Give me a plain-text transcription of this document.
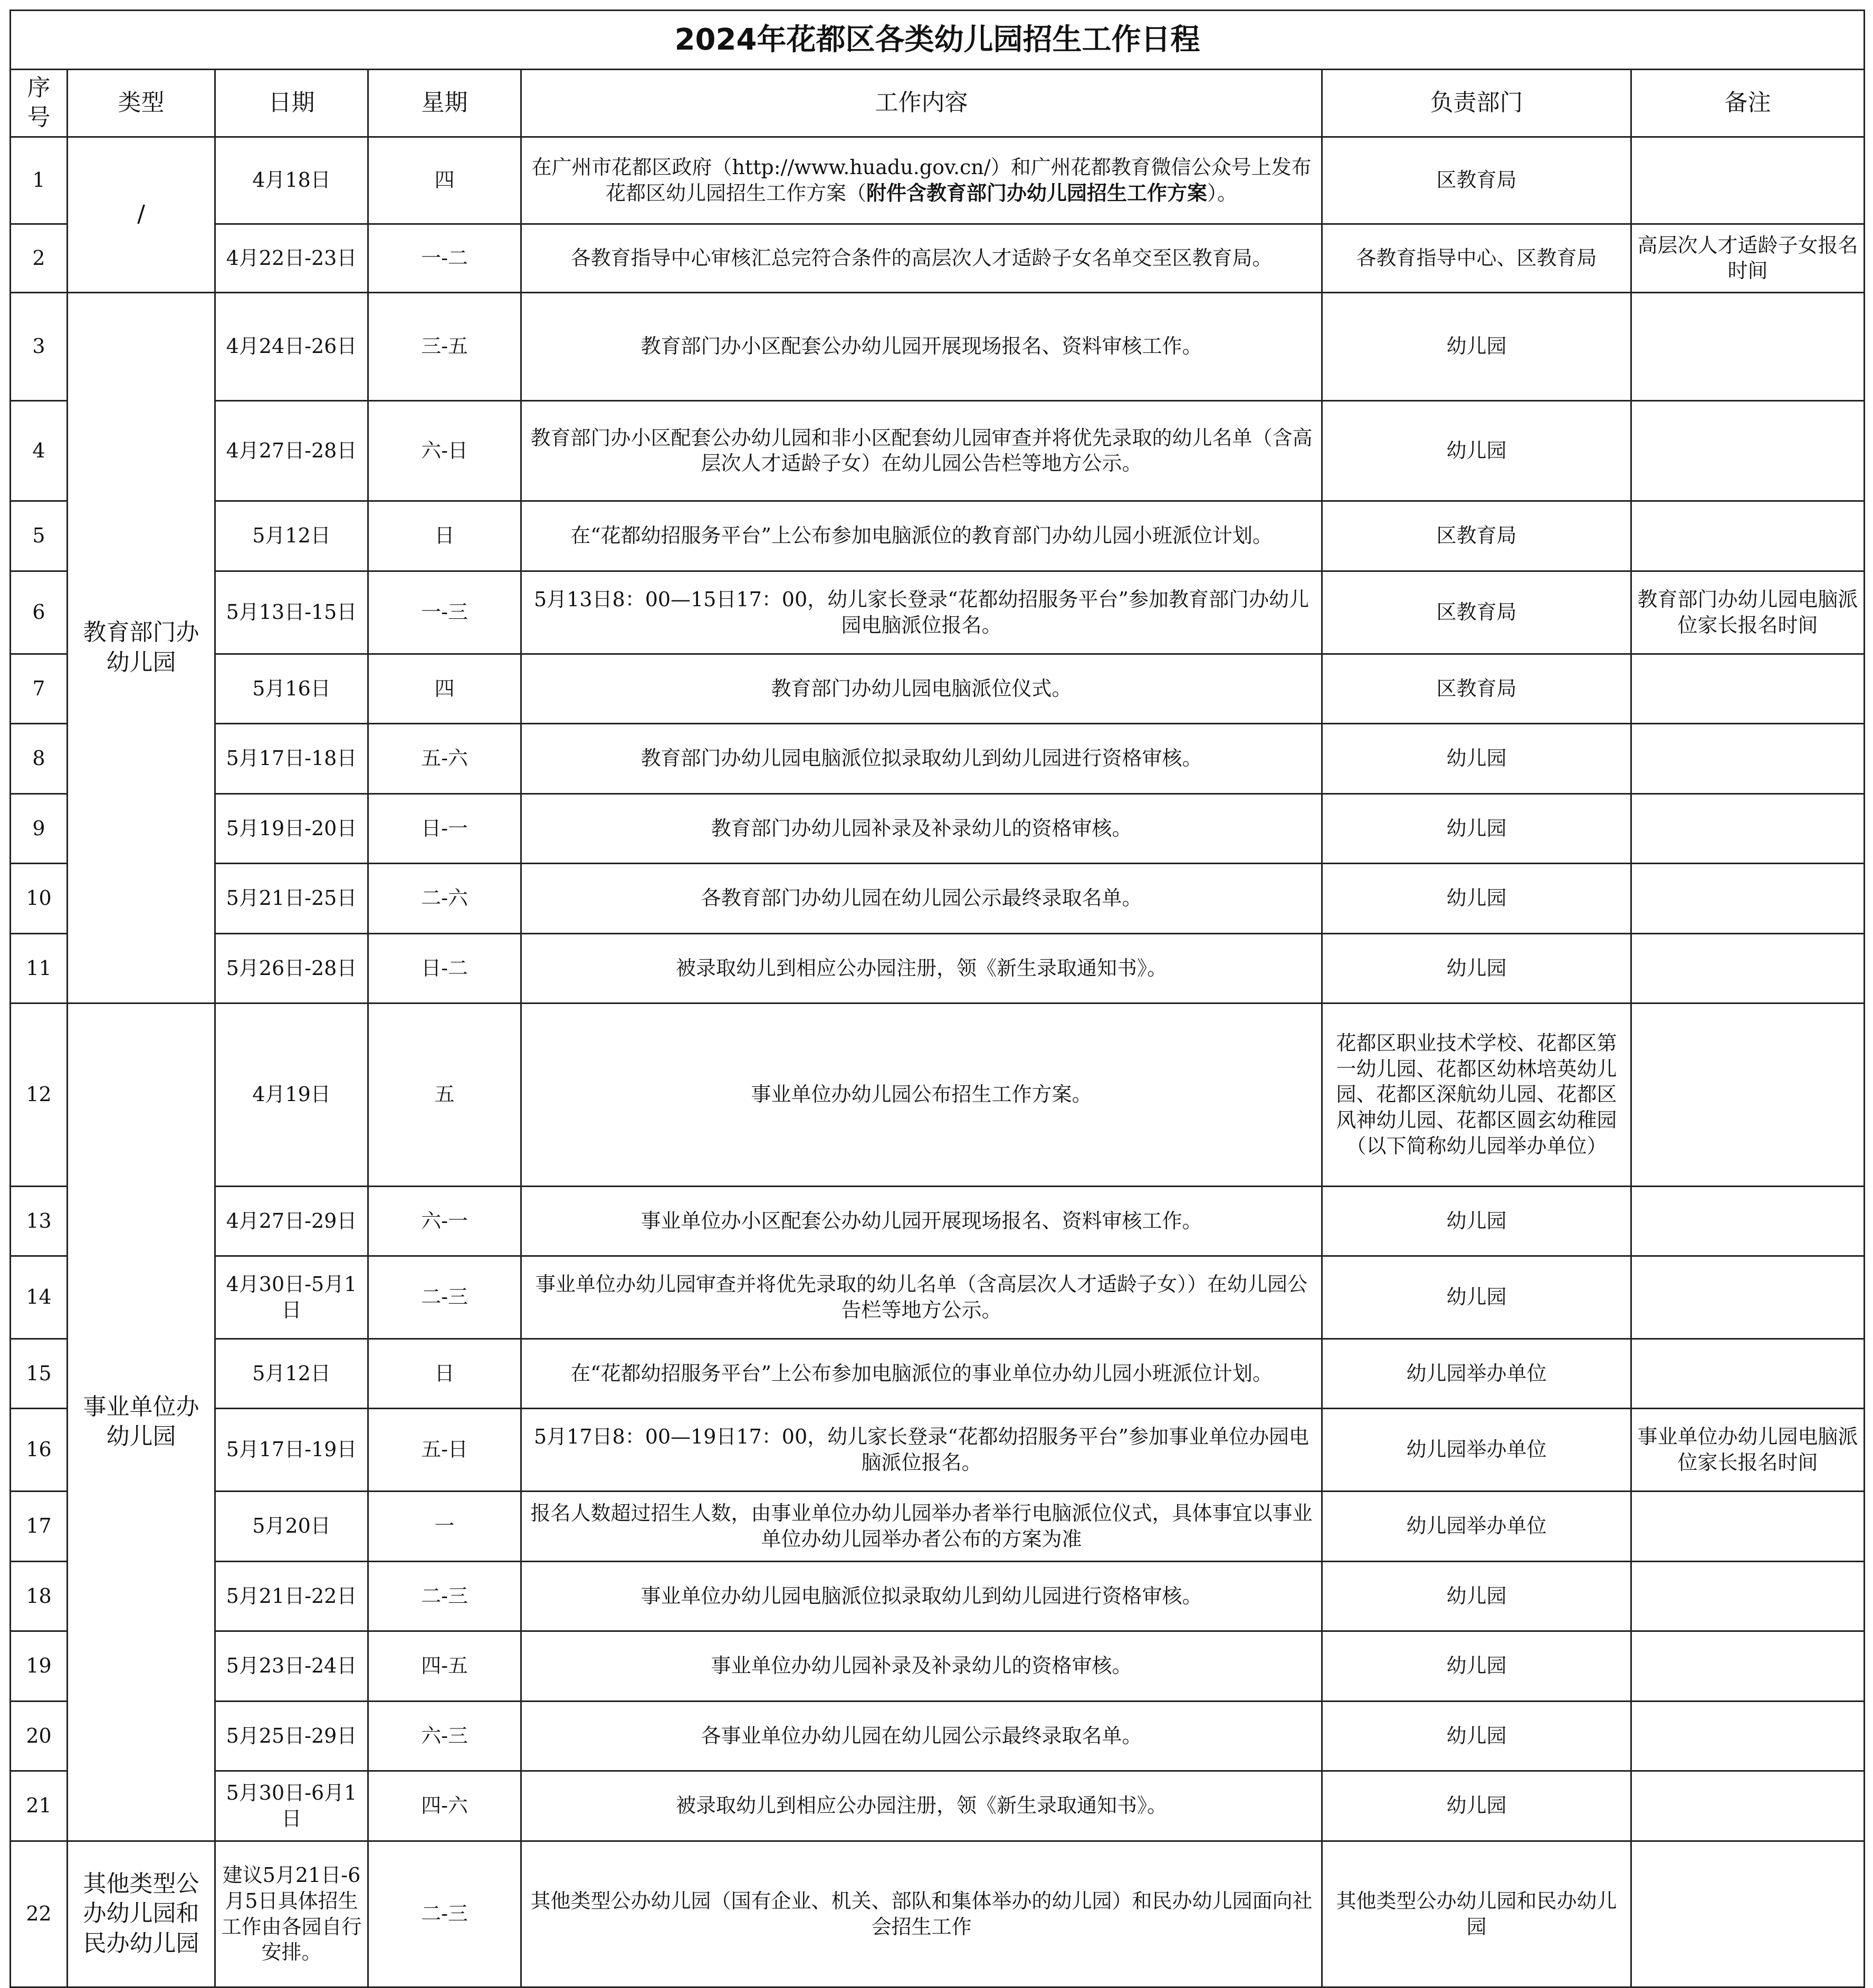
2024年花都区各类幼儿园招生工作日程						
序号	类型	日期	星期	工作内容	负责部门	备注
1	/	4月18日	四	在广州市花都区政府（http://www.huadu.gov.cn/）和广州花都教育微信公众号上发布花都区幼儿园招生工作方案（附件含教育部门办幼儿园招生工作方案）。	区教育局	
2		4月22日-23日	一-二	各教育指导中心审核汇总完符合条件的高层次人才适龄子女名单交至区教育局。	各教育指导中心、区教育局	高层次人才适龄子女报名时间
3	教育部门办幼儿园	4月24日-26日	三-五	教育部门办小区配套公办幼儿园开展现场报名、资料审核工作。	幼儿园	
4		4月27日-28日	六-日	教育部门办小区配套公办幼儿园和非小区配套幼儿园审查并将优先录取的幼儿名单（含高层次人才适龄子女）在幼儿园公告栏等地方公示。	幼儿园	
5		5月12日	日	在“花都幼招服务平台”上公布参加电脑派位的教育部门办幼儿园小班派位计划。	区教育局	
6		5月13日-15日	一-三	5月13日8：00—15日17：00，幼儿家长登录“花都幼招服务平台”参加教育部门办幼儿园电脑派位报名。	区教育局	教育部门办幼儿园电脑派位家长报名时间
7		5月16日	四	教育部门办幼儿园电脑派位仪式。	区教育局	
8		5月17日-18日	五-六	教育部门办幼儿园电脑派位拟录取幼儿到幼儿园进行资格审核。	幼儿园	
9		5月19日-20日	日-一	教育部门办幼儿园补录及补录幼儿的资格审核。	幼儿园	
10		5月21日-25日	二-六	各教育部门办幼儿园在幼儿园公示最终录取名单。	幼儿园	
11		5月26日-28日	日-二	被录取幼儿到相应公办园注册，领《新生录取通知书》。	幼儿园	
12	事业单位办幼儿园	4月19日	五	事业单位办幼儿园公布招生工作方案。	花都区职业技术学校、花都区第一幼儿园、花都区幼林培英幼儿园、花都区深航幼儿园、花都区风神幼儿园、花都区圆玄幼稚园（以下简称幼儿园举办单位）	
13		4月27日-29日	六-一	事业单位办小区配套公办幼儿园开展现场报名、资料审核工作。	幼儿园	
14		4月30日-5月1日	二-三	事业单位办幼儿园审查并将优先录取的幼儿名单（含高层次人才适龄子女））在幼儿园公告栏等地方公示。	幼儿园	
15		5月12日	日	在“花都幼招服务平台”上公布参加电脑派位的事业单位办幼儿园小班派位计划。	幼儿园举办单位	
16		5月17日-19日	五-日	5月17日8：00—19日17：00，幼儿家长登录“花都幼招服务平台”参加事业单位办园电脑派位报名。	幼儿园举办单位	事业单位办幼儿园电脑派位家长报名时间
17		5月20日	一	报名人数超过招生人数，由事业单位办幼儿园举办者举行电脑派位仪式，具体事宜以事业单位办幼儿园举办者公布的方案为准	幼儿园举办单位	
18		5月21日-22日	二-三	事业单位办幼儿园电脑派位拟录取幼儿到幼儿园进行资格审核。	幼儿园	
19		5月23日-24日	四-五	事业单位办幼儿园补录及补录幼儿的资格审核。	幼儿园	
20		5月25日-29日	六-三	各事业单位办幼儿园在幼儿园公示最终录取名单。	幼儿园	
21		5月30日-6月1日	四-六	被录取幼儿到相应公办园注册，领《新生录取通知书》。	幼儿园	
22	其他类型公办幼儿园和民办幼儿园	建议5月21日-6月5日具体招生工作由各园自行安排。	二-三	其他类型公办幼儿园（国有企业、机关、部队和集体举办的幼儿园）和民办幼儿园面向社会招生工作	其他类型公办幼儿园和民办幼儿园	
